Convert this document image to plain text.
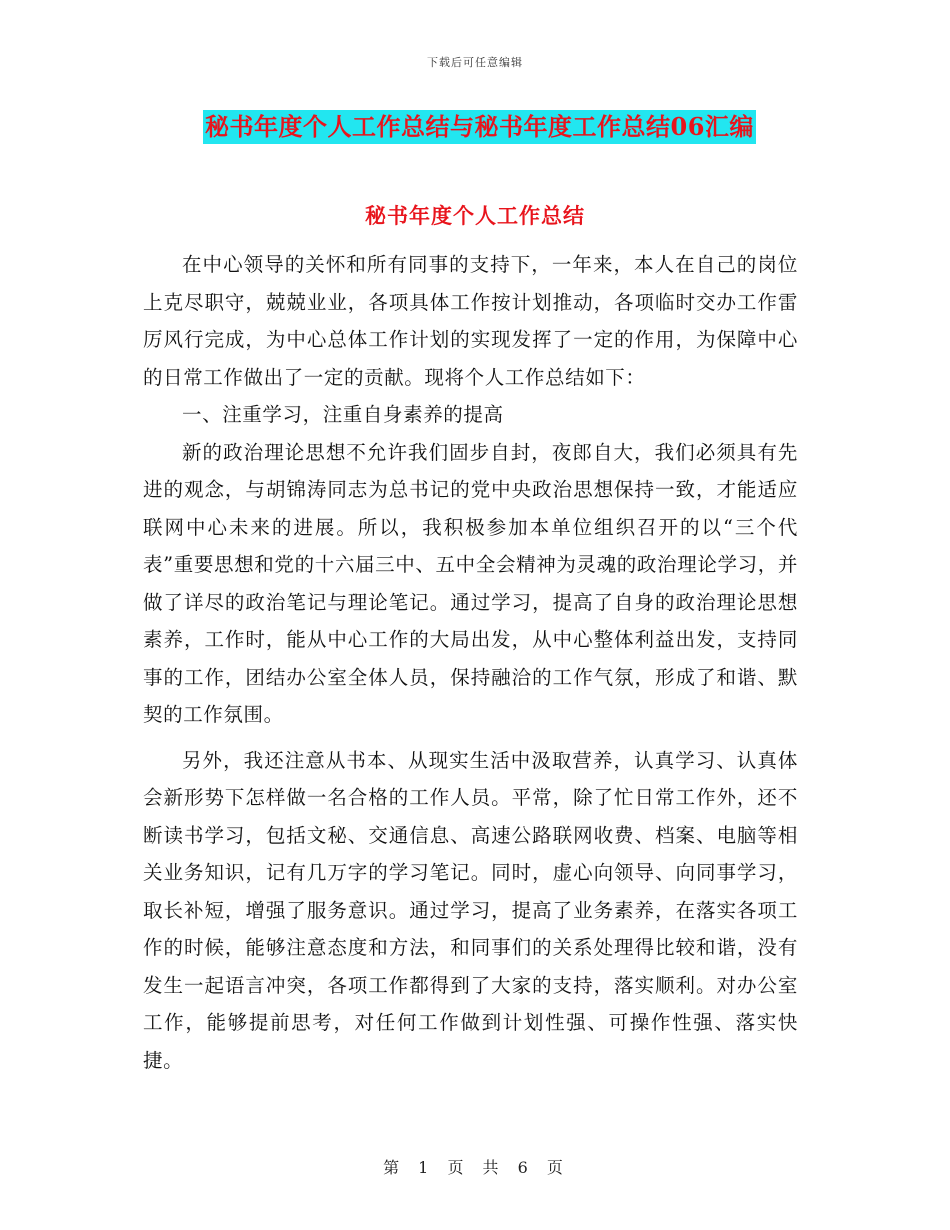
下载后可任意编辑
秘书年度个人工作总结与秘书年度工作总结06汇编
秘书年度个人工作总结

在中心领导的关怀和所有同事的支持下，一年来，本人在自己的岗位上克尽职守，兢兢业业，各项具体工作按计划推动，各项临时交办工作雷厉风行完成，为中心总体工作计划的实现发挥了一定的作用，为保障中心的日常工作做出了一定的贡献。现将个人工作总结如下：

一、注重学习，注重自身素养的提高

新的政治理论思想不允许我们固步自封，夜郎自大，我们必须具有先进的观念，与胡锦涛同志为总书记的党中央政治思想保持一致，才能适应联网中心未来的进展。所以，我积极参加本单位组织召开的以“三个代表”重要思想和党的十六届三中、五中全会精神为灵魂的政治理论学习，并做了详尽的政治笔记与理论笔记。通过学习，提高了自身的政治理论思想素养，工作时，能从中心工作的大局出发，从中心整体利益出发，支持同事的工作，团结办公室全体人员，保持融洽的工作气氛，形成了和谐、默契的工作氛围。

另外，我还注意从书本、从现实生活中汲取营养，认真学习、认真体会新形势下怎样做一名合格的工作人员。平常，除了忙日常工作外，还不断读书学习，包括文秘、交通信息、高速公路联网收费、档案、电脑等相关业务知识，记有几万字的学习笔记。同时，虚心向领导、向同事学习，取长补短，增强了服务意识。通过学习，提高了业务素养，在落实各项工作的时候，能够注意态度和方法，和同事们的关系处理得比较和谐，没有发生一起语言冲突，各项工作都得到了大家的支持，落实顺利。对办公室工作，能够提前思考，对任何工作做到计划性强、可操作性强、落实快捷。

第 1 页 共 6 页
